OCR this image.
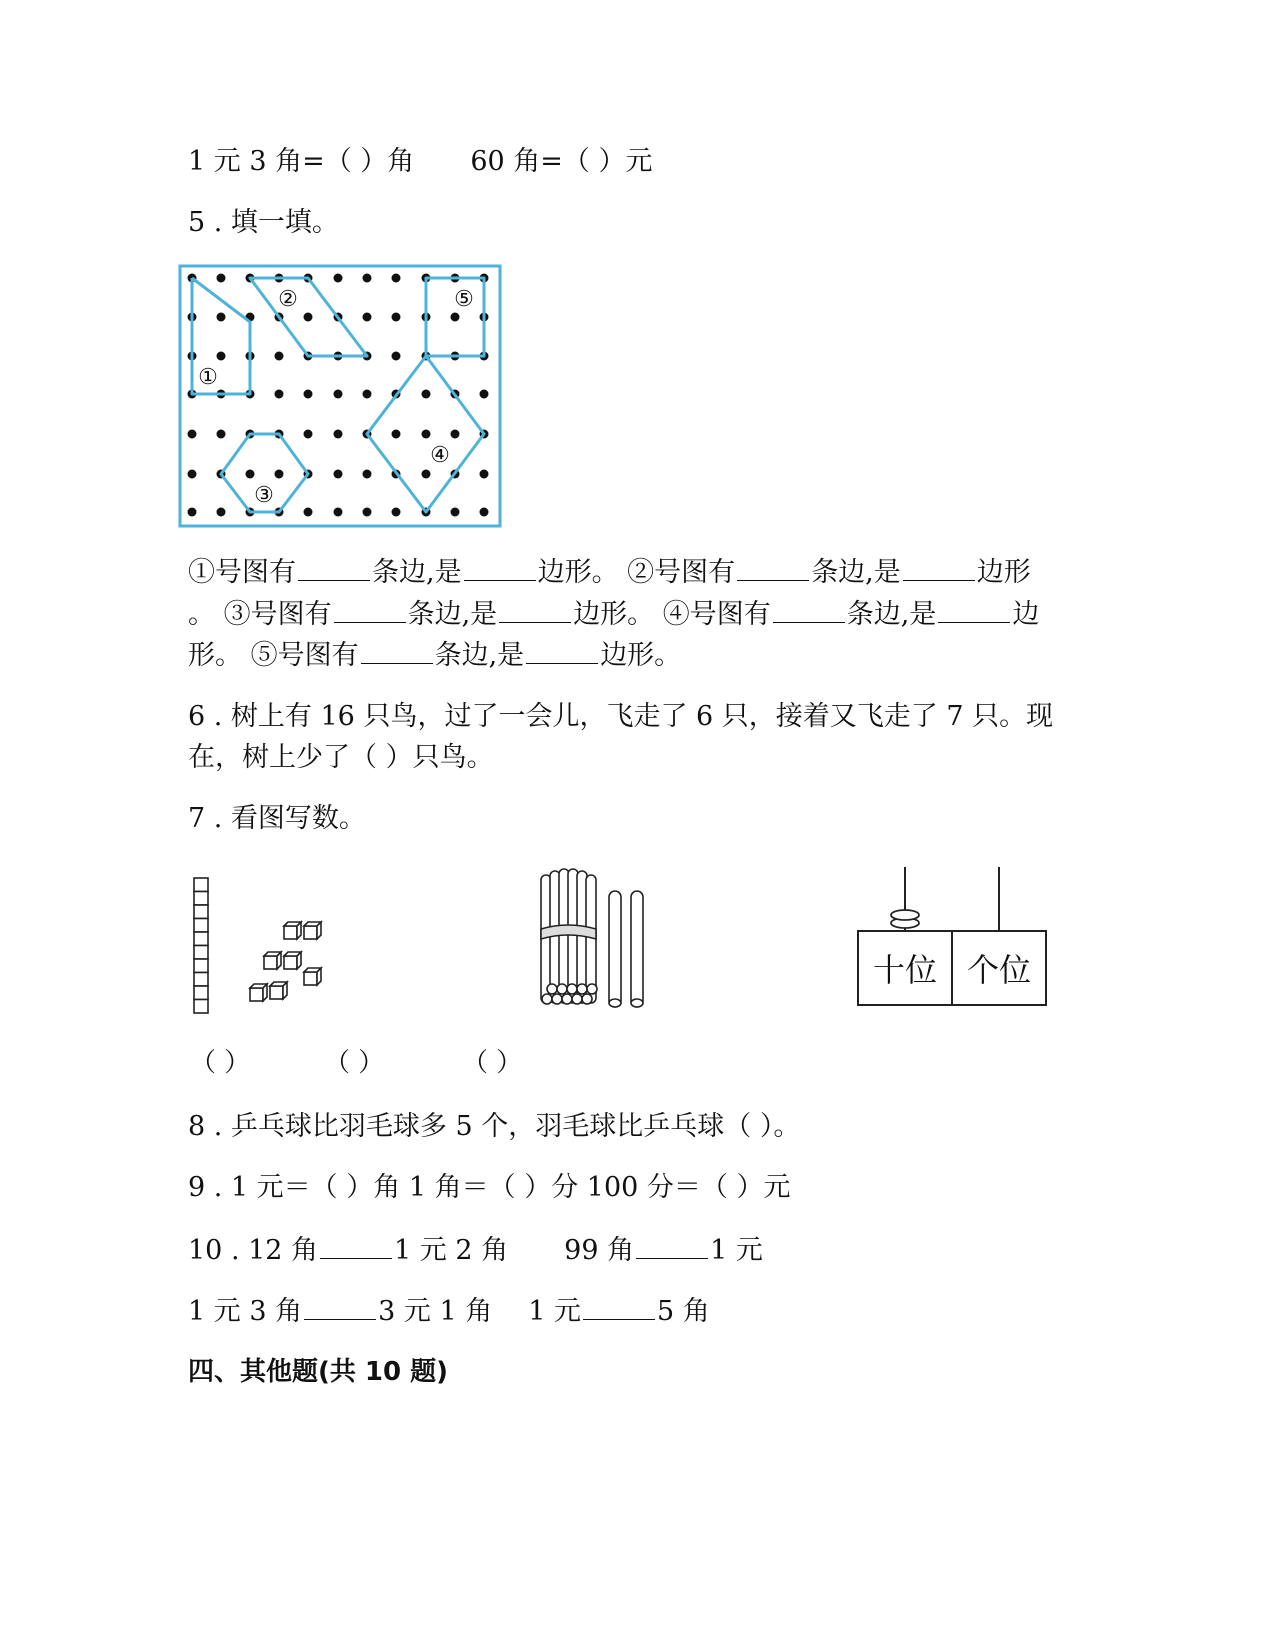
1 元 3 角=（ ）角 60 角=（ ）元
5 . 填一填。
①
②
③
④
⑤
①号图有	条边,是	边形。 ②号图有	条边,是	边形
。 ③号图有	条边,是	边形。 ④号图有	条边,是	边
形。 ⑤号图有	条边,是	边形。
6 . 树上有 16 只鸟，过了一会儿，飞走了 6 只，接着又飞走了 7 只。现
在，树上少了（ ）只鸟。
7 . 看图写数。
十位 个位
（ ）	（ ）	（ ）
8 . 乒乓球比羽毛球多 5 个，羽毛球比乒乓球（ ）。
9 . 1 元＝（ ）角 1 角＝（ ）分 100 分＝（ ）元
10 . 12 角	1 元 2 角 99 角	1 元
1 元 3 角	3 元 1 角 1 元	5 角
四、其他题(共 10 题)
